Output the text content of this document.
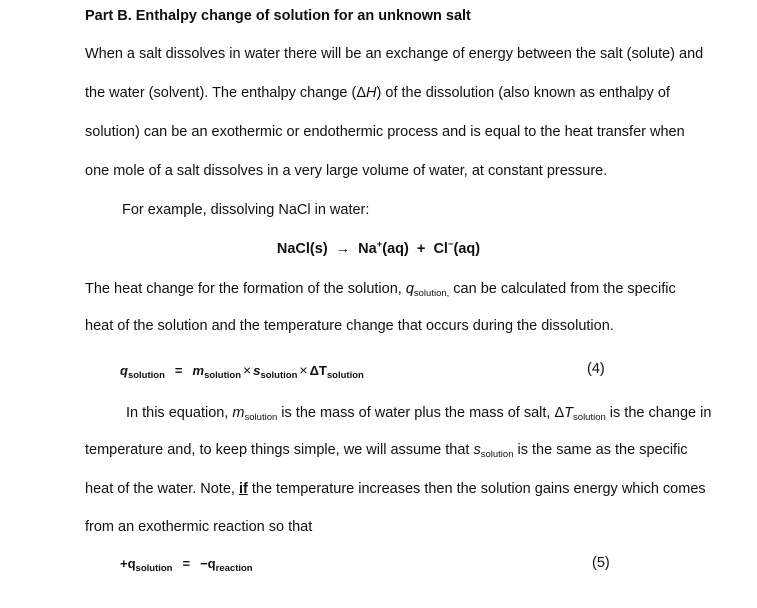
Part B. Enthalpy change of solution for an unknown salt
When a salt dissolves in water there will be an exchange of energy between the salt (solute) and
the water (solvent). The enthalpy change (ΔH) of the dissolution (also known as enthalpy of
solution) can be an exothermic or endothermic process and is equal to the heat transfer when
one mole of a salt dissolves in a very large volume of water, at constant pressure.
For example, dissolving NaCl in water:
NaCl(s) → Na+(aq) + Cl−(aq)
The heat change for the formation of the solution, $q_{solution,}$ can be calculated from the specific
heat of the solution and the temperature change that occurs during the dissolution.
$q_{solution} = m_{solution} \times s_{solution} \times \Delta T_{solution}$	(4)
In this equation, $m_{solution}$ is the mass of water plus the mass of salt, $\Delta T_{solution}$ is the change in
temperature and, to keep things simple, we will assume that $s_{solution}$ is the same as the specific
heat of the water. Note, if the temperature increases then the solution gains energy which comes
from an exothermic reaction so that
$+q_{solution} = -q_{reaction}$	(5)
